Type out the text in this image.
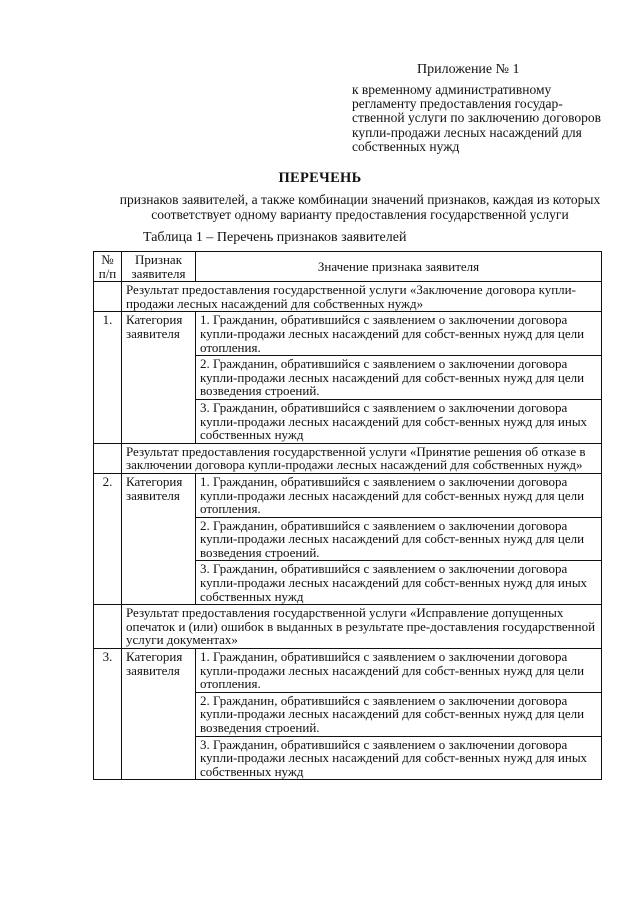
Приложение № 1
к временному административному регламенту предоставления государ-ственной услуги по заключению договоров купли-продажи лесных насаждений для собственных нужд
ПЕРЕЧЕНЬ
признаков заявителей, а также комбинации значений признаков, каждая из которых соответствует одному варианту предоставления государственной услуги
Таблица 1 – Перечень признаков заявителей
№ п/п	Признак заявителя	Значение признака заявителя
	Результат предоставления государственной услуги «Заключение договора купли-продажи лесных насаждений для собственных нужд»	
1.	Категория заявителя	1. Гражданин, обратившийся с заявлением о заключении договора купли-продажи лесных насаждений для собст-венных нужд для цели отопления.
		2. Гражданин, обратившийся с заявлением о заключении договора купли-продажи лесных насаждений для собст-венных нужд для цели возведения строений.
		3. Гражданин, обратившийся с заявлением о заключении договора купли-продажи лесных насаждений для собст-венных нужд для иных собственных нужд
	Результат предоставления государственной услуги «Принятие решения об отказе в заключении договора купли-продажи лесных насаждений для собственных нужд»	
2.	Категория заявителя	1. Гражданин, обратившийся с заявлением о заключении договора купли-продажи лесных насаждений для собст-венных нужд для цели отопления.
		2. Гражданин, обратившийся с заявлением о заключении договора купли-продажи лесных насаждений для собст-венных нужд для цели возведения строений.
		3. Гражданин, обратившийся с заявлением о заключении договора купли-продажи лесных насаждений для собст-венных нужд для иных собственных нужд
	Результат предоставления государственной услуги «Исправление допущенных опечаток и (или) ошибок в выданных в результате пре-доставления государственной услуги документах»	
3.	Категория заявителя	1. Гражданин, обратившийся с заявлением о заключении договора купли-продажи лесных насаждений для собст-венных нужд для цели отопления.
		2. Гражданин, обратившийся с заявлением о заключении договора купли-продажи лесных насаждений для собст-венных нужд для цели возведения строений.
		3. Гражданин, обратившийся с заявлением о заключении договора купли-продажи лесных насаждений для собст-венных нужд для иных собственных нужд
